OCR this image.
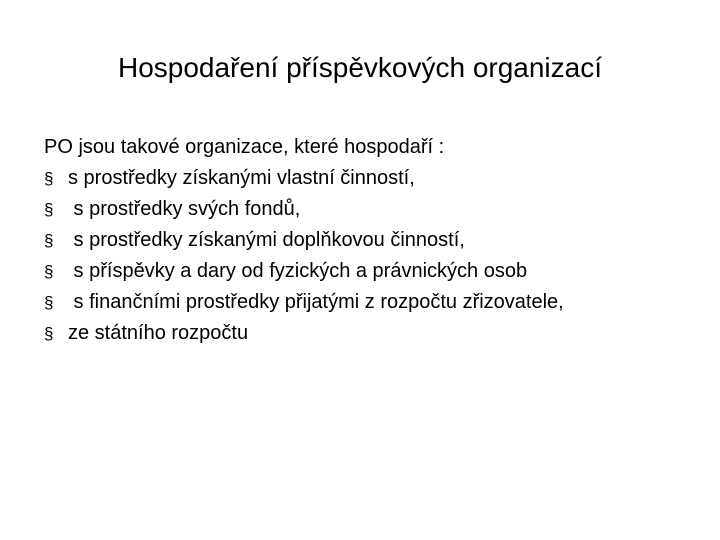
Hospodaření příspěvkových organizací
PO jsou takové organizace, které hospodaří :
§ s prostředky získanými vlastní činností,
§ s prostředky svých fondů,
§ s prostředky získanými doplňkovou činností,
§ s příspěvky a dary od fyzických a právnických osob
§ s finančními prostředky přijatými z rozpočtu zřizovatele,
§ ze státního rozpočtu
